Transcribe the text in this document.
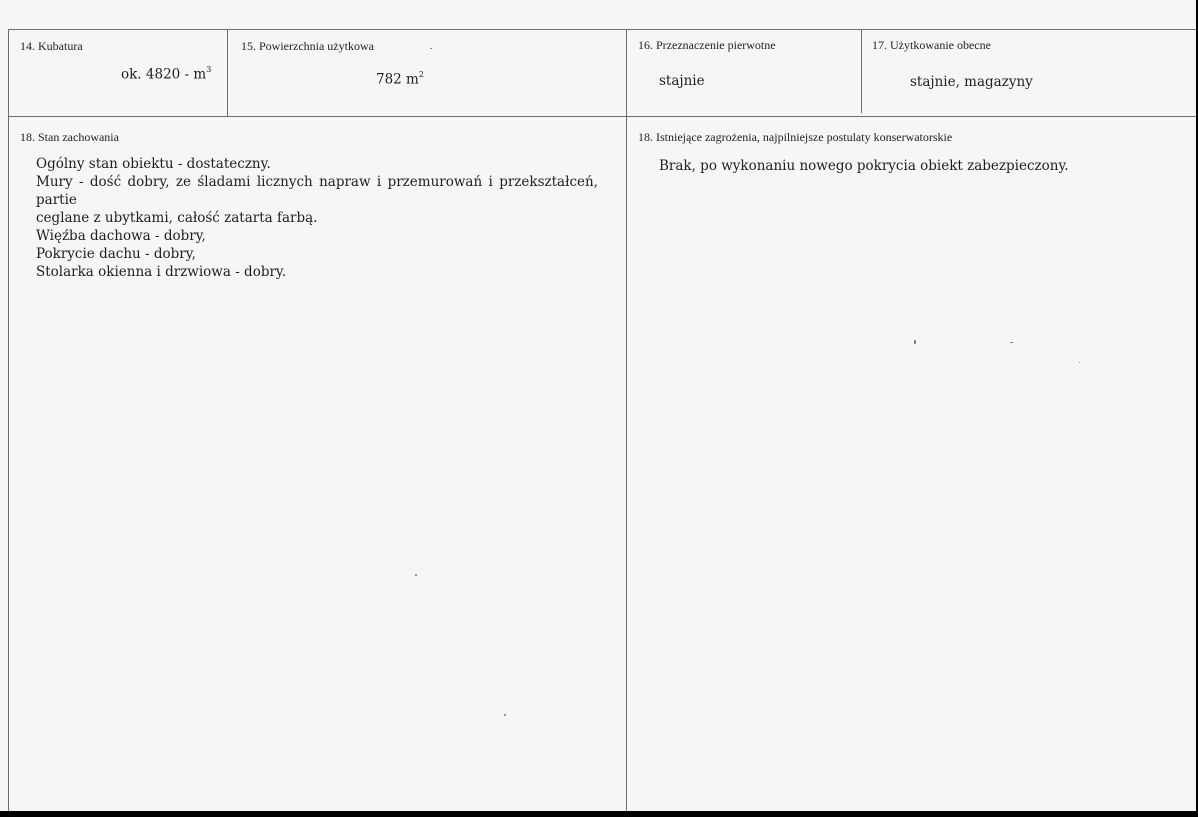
14. Kubatura
ok. $4820 - m^3$
15. Powierzchnia użytkowa
782 $m^2$
16. Przeznaczenie pierwotne
stajnie
17. Użytkowanie obecne
stajnie, magazyny
18. Stan zachowania
Ogólny stan obiektu - dostateczny.
Mury - dość dobry, ze śladami licznych napraw i przemurowań i przekształceń, partie
ceglane z ubytkami, całość zatarta farbą.
Więźba dachowa - dobry,
Pokrycie dachu - dobry,
Stolarka okienna i drzwiowa - dobry.
18. Istniejące zagrożenia, najpilniejsze postulaty konserwatorskie
Brak, po wykonaniu nowego pokrycia obiekt zabezpieczony.
